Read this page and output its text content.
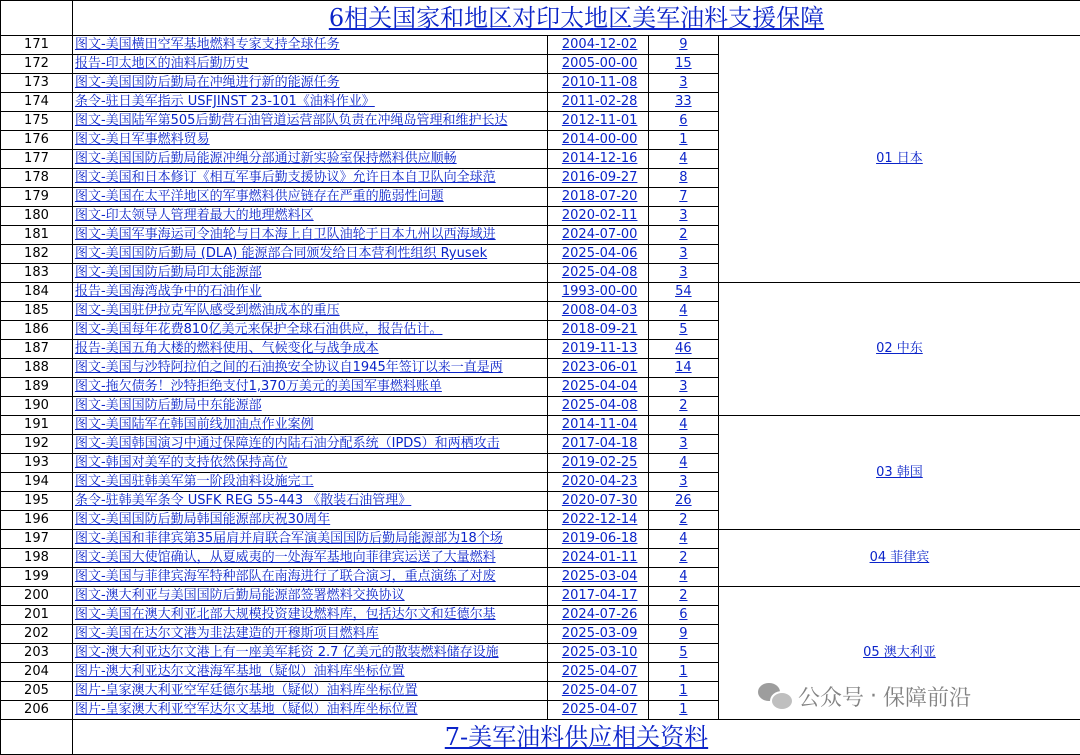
	6相关国家和地区对印太地区美军油料支援保障			
171	图文-美国横田空军基地燃料专家支持全球任务	2004-12-02	9	01 日本
172	报告-印太地区的油料后勤历史	2005-00-00	15	
173	图文-美国国防后勤局在冲绳进行新的能源任务	2010-11-08	3	
174	条令-驻日美军指示 USFJINST 23-101《油料作业》	2011-02-28	33	
175	图文-美国陆军第505后勤营石油管道运营部队负责在冲绳岛管理和维护长达	2012-11-01	6	
176	图文-美日军事燃料贸易	2014-00-00	1	
177	图文-美国国防后勤局能源冲绳分部通过新实验室保持燃料供应顺畅	2014-12-16	4	
178	图文-美国和日本修订《相互军事后勤支援协议》允许日本自卫队向全球范	2016-09-27	8	
179	图文-美国在太平洋地区的军事燃料供应链存在严重的脆弱性问题	2018-07-20	7	
180	图文-印太领导人管理着最大的地理燃料区	2020-02-11	3	
181	图文-美国军事海运司令油轮与日本海上自卫队油轮于日本九州以西海域进	2024-07-00	2	
182	图文-美国国防后勤局 (DLA) 能源部合同颁发给日本营利性组织 Ryusek	2025-04-06	3	
183	图文-美国国防后勤局印太能源部	2025-04-08	3	
184	报告-美国海湾战争中的石油作业	1993-00-00	54	02 中东
185	图文-美国驻伊拉克军队感受到燃油成本的重压	2008-04-03	4	
186	图文-美国每年花费810亿美元来保护全球石油供应，报告估计。	2018-09-21	5	
187	报告-美国五角大楼的燃料使用、气候变化与战争成本	2019-11-13	46	
188	图文-美国与沙特阿拉伯之间的石油换安全协议自1945年签订以来一直是两	2023-06-01	14	
189	图文-拖欠债务！沙特拒绝支付1,370万美元的美国军事燃料账单	2025-04-04	3	
190	图文-美国国防后勤局中东能源部	2025-04-08	2	
191	图文-美国陆军在韩国前线加油点作业案例	2014-11-04	4	03 韩国
192	图文-美国韩国演习中通过保障连的内陆石油分配系统（IPDS）和两栖攻击	2017-04-18	3	
193	图文-韩国对美军的支持依然保持高位	2019-02-25	4	
194	图文-美国驻韩美军第一阶段油料设施完工	2020-04-23	3	
195	条令-驻韩美军条令 USFK REG 55-443 《散装石油管理》	2020-07-30	26	
196	图文-美国国防后勤局韩国能源部庆祝30周年	2022-12-14	2	
197	图文-美国和菲律宾第35届肩并肩联合军演美国国防后勤局能源部为18个场	2019-06-18	4	04 菲律宾
198	图文-美国大使馆确认，从夏威夷的一处海军基地向菲律宾运送了大量燃料	2024-01-11	2	
199	图文-美国与菲律宾海军特种部队在南海进行了联合演习，重点演练了对废	2025-03-04	4	
200	图文-澳大利亚与美国国防后勤局能源部签署燃料交换协议	2017-04-17	2	05 澳大利亚
201	图文-美国在澳大利亚北部大规模投资建设燃料库，包括达尔文和廷德尔基	2024-07-26	6	
202	图文-美国在达尔文港为韭法建造的开穆斯项目燃料库	2025-03-09	9	
203	图文-澳大利亚达尔文港上有一座美军耗资 2.7 亿美元的散装燃料储存设施	2025-03-10	5	
204	图片-澳大利亚达尔文港海军基地（疑似）油料库坐标位置	2025-04-07	1	
205	图片-皇家澳大利亚空军廷德尔基地（疑似）油料库坐标位置	2025-04-07	1	
206	图片-皇家澳大利亚空军达尔文基地（疑似）油料库坐标位置	2025-04-07	1	
	7-美军油料供应相关资料			
公众号 · 保障前沿
